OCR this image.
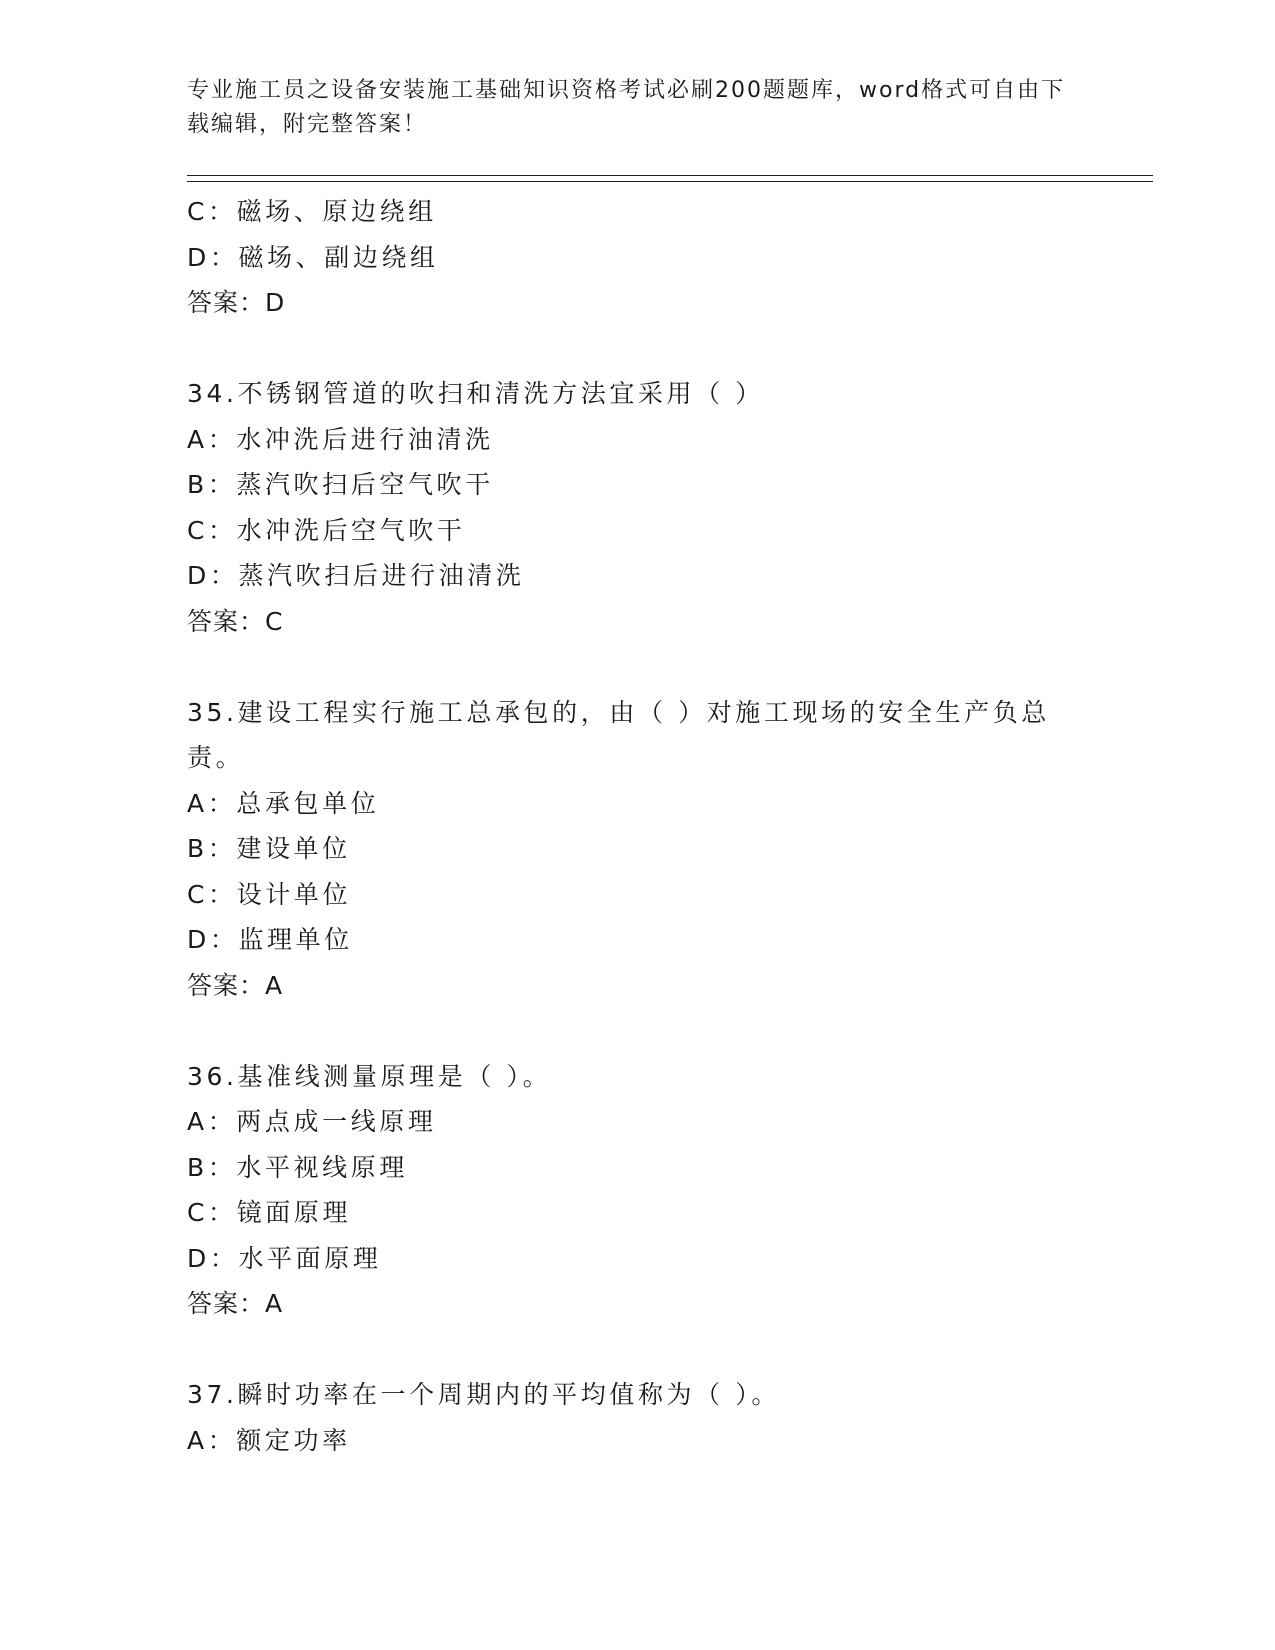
专业施工员之设备安装施工基础知识资格考试必刷200题题库，word格式可自由下载编辑，附完整答案！

C：磁场、原边绕组
D：磁场、副边绕组
答案：D
34.不锈钢管道的吹扫和清洗方法宜采用（ ）
A：水冲洗后进行油清洗
B：蒸汽吹扫后空气吹干
C：水冲洗后空气吹干
D：蒸汽吹扫后进行油清洗
答案：C
35.建设工程实行施工总承包的，由（ ）对施工现场的安全生产负总
责。
A：总承包单位
B：建设单位
C：设计单位
D：监理单位
答案：A
36.基准线测量原理是（ ）。
A：两点成一线原理
B：水平视线原理
C：镜面原理
D：水平面原理
答案：A
37.瞬时功率在一个周期内的平均值称为（ ）。
A：额定功率
